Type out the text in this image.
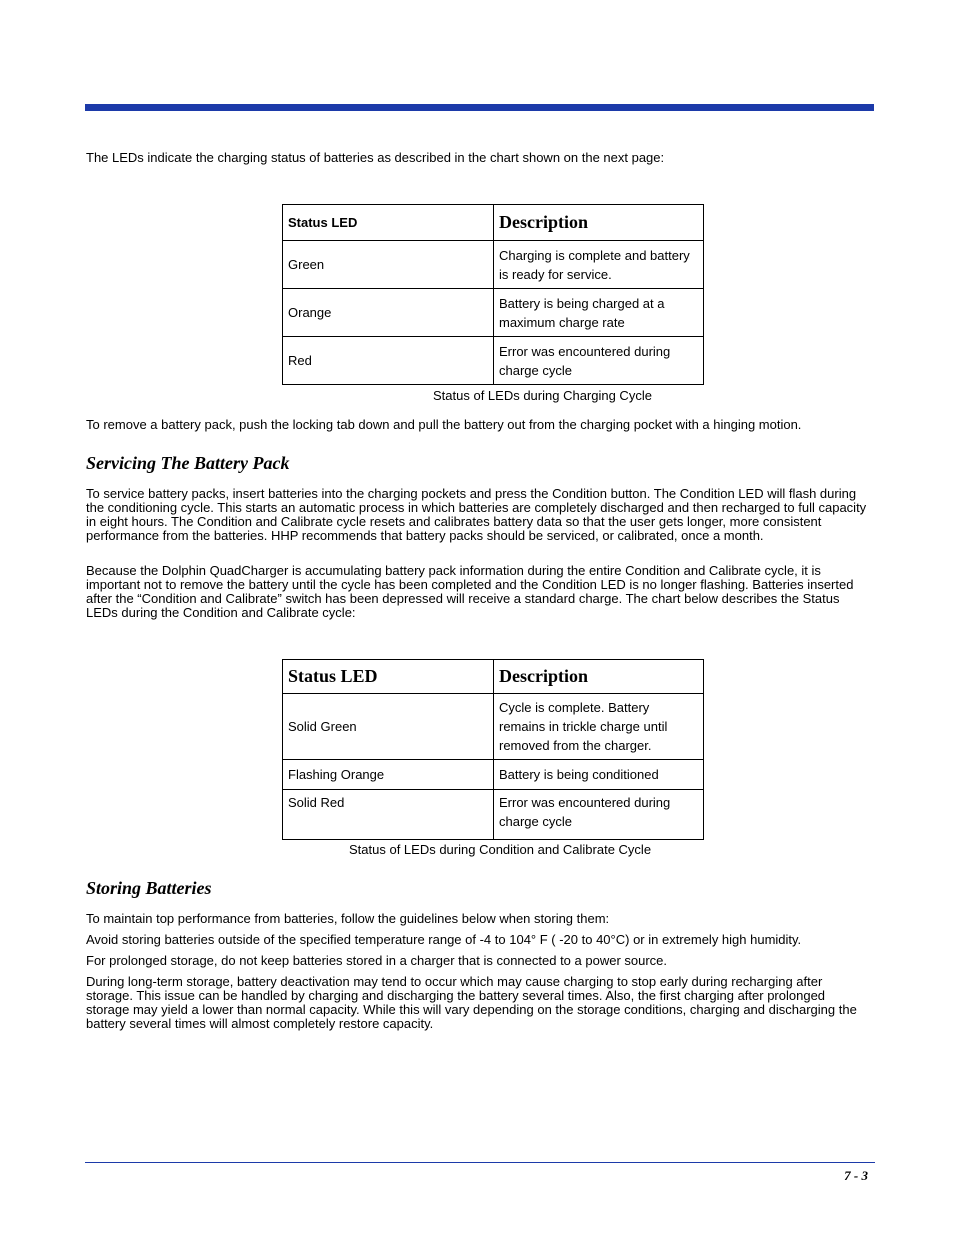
The LEDs indicate the charging status of batteries as described in the chart shown on the next page:

Status LED	Description
Green	Charging is complete and battery is ready for service.
Orange	Battery is being charged at a maximum charge rate
Red	Error was encountered during charge cycle

Status of LEDs during Charging Cycle

To remove a battery pack, push the locking tab down and pull the battery out from the charging pocket with a hinging motion.

Servicing The Battery Pack

To service battery packs, insert batteries into the charging pockets and press the Condition button. The Condition LED will flash during the conditioning cycle. This starts an automatic process in which batteries are completely discharged and then recharged to full capacity in eight hours. The Condition and Calibrate cycle resets and calibrates battery data so that the user gets longer, more consistent performance from the batteries. HHP recommends that battery packs should be serviced, or calibrated, once a month.

Because the Dolphin QuadCharger is accumulating battery pack information during the entire Condition and Calibrate cycle, it is important not to remove the battery until the cycle has been completed and the Condition LED is no longer flashing. Batteries inserted after the “Condition and Calibrate” switch has been depressed will receive a standard charge. The chart below describes the Status LEDs during the Condition and Calibrate cycle:

Status LED	Description
Solid Green	Cycle is complete. Battery remains in trickle charge until removed from the charger.
Flashing Orange	Battery is being conditioned
Solid Red	Error was encountered during charge cycle

Status of LEDs during Condition and Calibrate Cycle

Storing Batteries

To maintain top performance from batteries, follow the guidelines below when storing them:

Avoid storing batteries outside of the specified temperature range of -4 to 104° F ( -20 to 40°C) or in extremely high humidity.

For prolonged storage, do not keep batteries stored in a charger that is connected to a power source.

During long-term storage, battery deactivation may tend to occur which may cause charging to stop early during recharging after storage. This issue can be handled by charging and discharging the battery several times. Also, the first charging after prolonged storage may yield a lower than normal capacity. While this will vary depending on the storage conditions, charging and discharging the battery several times will almost completely restore capacity.

7 - 3
